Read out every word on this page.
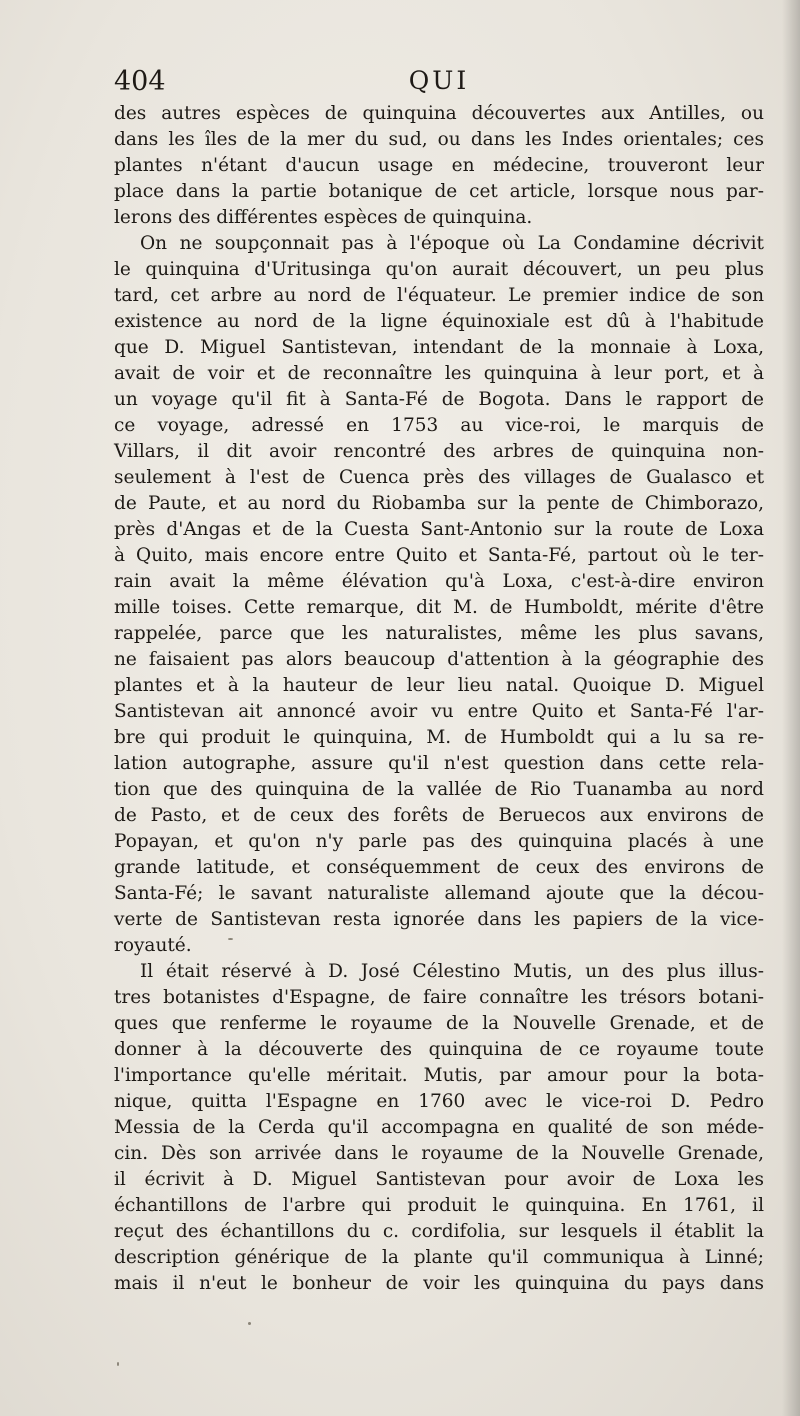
404	QUI
des autres espèces de quinquina découvertes aux Antilles, ou
dans les îles de la mer du sud, ou dans les Indes orientales; ces
plantes n'étant d'aucun usage en médecine, trouveront leur
place dans la partie botanique de cet article, lorsque nous par-
lerons des différentes espèces de quinquina.
On ne soupçonnait pas à l'époque où La Condamine décrivit
le quinquina d'Uritusinga qu'on aurait découvert, un peu plus
tard, cet arbre au nord de l'équateur. Le premier indice de son
existence au nord de la ligne équinoxiale est dû à l'habitude
que D. Miguel Santistevan, intendant de la monnaie à Loxa,
avait de voir et de reconnaître les quinquina à leur port, et à
un voyage qu'il fit à Santa-Fé de Bogota. Dans le rapport de
ce voyage, adressé en 1753 au vice-roi, le marquis de
Villars, il dit avoir rencontré des arbres de quinquina non-
seulement à l'est de Cuenca près des villages de Gualasco et
de Paute, et au nord du Riobamba sur la pente de Chimborazo,
près d'Angas et de la Cuesta Sant-Antonio sur la route de Loxa
à Quito, mais encore entre Quito et Santa-Fé, partout où le ter-
rain avait la même élévation qu'à Loxa, c'est-à-dire environ
mille toises. Cette remarque, dit M. de Humboldt, mérite d'être
rappelée, parce que les naturalistes, même les plus savans,
ne faisaient pas alors beaucoup d'attention à la géographie des
plantes et à la hauteur de leur lieu natal. Quoique D. Miguel
Santistevan ait annoncé avoir vu entre Quito et Santa-Fé l'ar-
bre qui produit le quinquina, M. de Humboldt qui a lu sa re-
lation autographe, assure qu'il n'est question dans cette rela-
tion que des quinquina de la vallée de Rio Tuanamba au nord
de Pasto, et de ceux des forêts de Beruecos aux environs de
Popayan, et qu'on n'y parle pas des quinquina placés à une
grande latitude, et conséquemment de ceux des environs de
Santa-Fé; le savant naturaliste allemand ajoute que la décou-
verte de Santistevan resta ignorée dans les papiers de la vice-
royauté.
Il était réservé à D. José Célestino Mutis, un des plus illus-
tres botanistes d'Espagne, de faire connaître les trésors botani-
ques que renferme le royaume de la Nouvelle Grenade, et de
donner à la découverte des quinquina de ce royaume toute
l'importance qu'elle méritait. Mutis, par amour pour la bota-
nique, quitta l'Espagne en 1760 avec le vice-roi D. Pedro
Messia de la Cerda qu'il accompagna en qualité de son méde-
cin. Dès son arrivée dans le royaume de la Nouvelle Grenade,
il écrivit à D. Miguel Santistevan pour avoir de Loxa les
échantillons de l'arbre qui produit le quinquina. En 1761, il
reçut des échantillons du c. cordifolia, sur lesquels il établit la
description générique de la plante qu'il communiqua à Linné;
mais il n'eut le bonheur de voir les quinquina du pays dans
